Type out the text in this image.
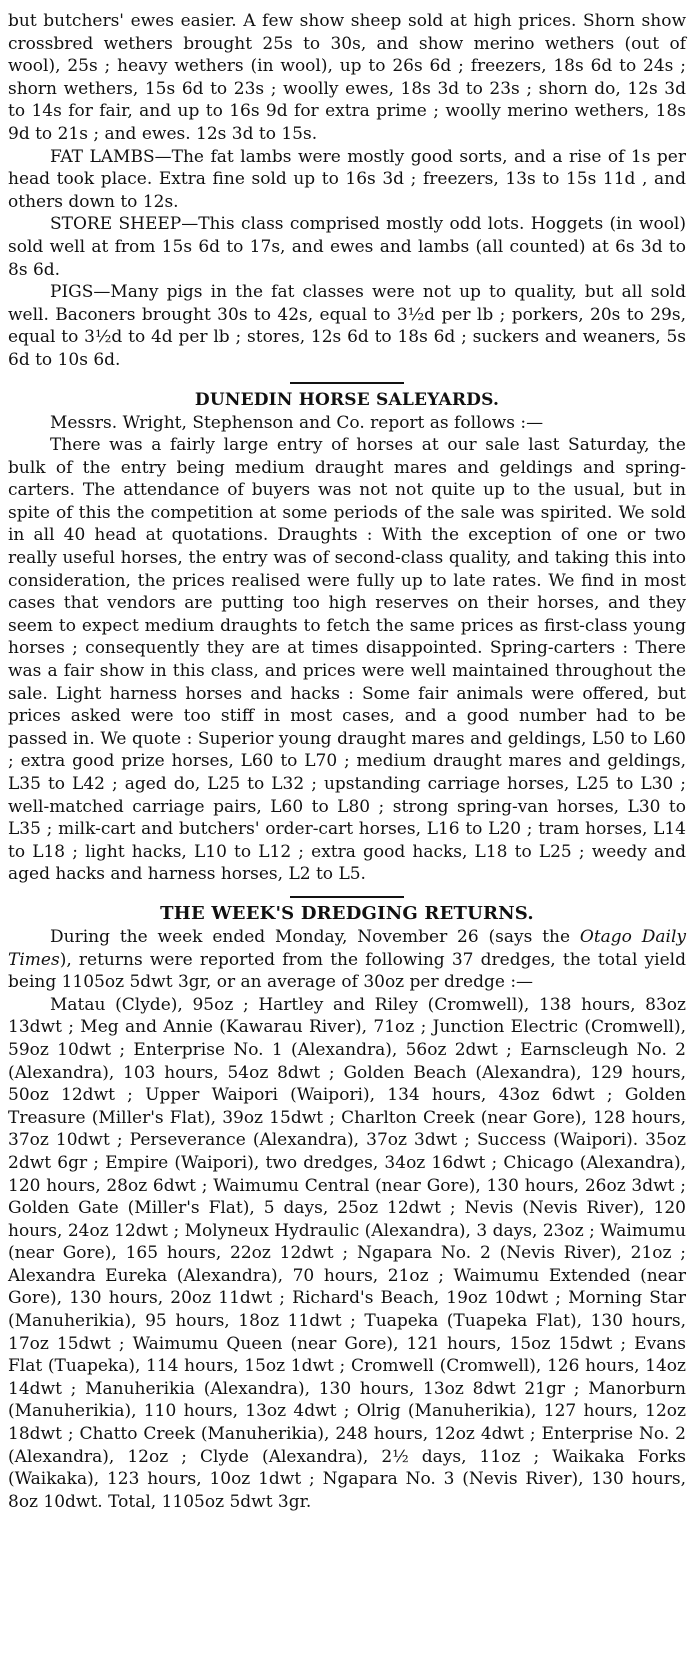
but butchers' ewes easier. A few show sheep sold at high prices. Shorn show crossbred wethers brought 25s to 30s, and show merino wethers (out of wool), 25s ; heavy wethers (in wool), up to 26s 6d ; freezers, 18s 6d to 24s ; shorn wethers, 15s 6d to 23s ; woolly ewes, 18s 3d to 23s ; shorn do, 12s 3d to 14s for fair, and up to 16s 9d for extra prime ; woolly merino wethers, 18s 9d to 21s ; and ewes. 12s 3d to 15s.

FAT LAMBS—The fat lambs were mostly good sorts, and a rise of 1s per head took place. Extra fine sold up to 16s 3d ; freezers, 13s to 15s 11d , and others down to 12s.

STORE SHEEP—This class comprised mostly odd lots. Hoggets (in wool) sold well at from 15s 6d to 17s, and ewes and lambs (all counted) at 6s 3d to 8s 6d.

PIGS—Many pigs in the fat classes were not up to quality, but all sold well. Baconers brought 30s to 42s, equal to 3½d per lb ; porkers, 20s to 29s, equal to 3½d to 4d per lb ; stores, 12s 6d to 18s 6d ; suckers and weaners, 5s 6d to 10s 6d.

DUNEDIN HORSE SALEYARDS.

Messrs. Wright, Stephenson and Co. report as follows :—

There was a fairly large entry of horses at our sale last Saturday, the bulk of the entry being medium draught mares and geldings and spring-carters. The attendance of buyers was not not quite up to the usual, but in spite of this the competition at some periods of the sale was spirited. We sold in all 40 head at quotations. Draughts : With the exception of one or two really useful horses, the entry was of second-class quality, and taking this into consideration, the prices realised were fully up to late rates. We find in most cases that vendors are putting too high reserves on their horses, and they seem to expect medium draughts to fetch the same prices as first-class young horses ; consequently they are at times disappointed. Spring-carters : There was a fair show in this class, and prices were well maintained throughout the sale. Light harness horses and hacks : Some fair animals were offered, but prices asked were too stiff in most cases, and a good number had to be passed in. We quote : Superior young draught mares and geldings, L50 to L60 ; extra good prize horses, L60 to L70 ; medium draught mares and geldings, L35 to L42 ; aged do, L25 to L32 ; upstanding carriage horses, L25 to L30 ; well-matched carriage pairs, L60 to L80 ; strong spring-van horses, L30 to L35 ; milk-cart and butchers' order-cart horses, L16 to L20 ; tram horses, L14 to L18 ; light hacks, L10 to L12 ; extra good hacks, L18 to L25 ; weedy and aged hacks and harness horses, L2 to L5.

THE WEEK'S DREDGING RETURNS.

During the week ended Monday, November 26 (says the Otago Daily Times), returns were reported from the following 37 dredges, the total yield being 1105oz 5dwt 3gr, or an average of 30oz per dredge :—

Matau (Clyde), 95oz ; Hartley and Riley (Cromwell), 138 hours, 83oz 13dwt ; Meg and Annie (Kawarau River), 71oz ; Junction Electric (Cromwell), 59oz 10dwt ; Enterprise No. 1 (Alexandra), 56oz 2dwt ; Earnscleugh No. 2 (Alexandra), 103 hours, 54oz 8dwt ; Golden Beach (Alexandra), 129 hours, 50oz 12dwt ; Upper Waipori (Waipori), 134 hours, 43oz 6dwt ; Golden Treasure (Miller's Flat), 39oz 15dwt ; Charlton Creek (near Gore), 128 hours, 37oz 10dwt ; Perseverance (Alexandra), 37oz 3dwt ; Success (Waipori). 35oz 2dwt 6gr ; Empire (Waipori), two dredges, 34oz 16dwt ; Chicago (Alexandra), 120 hours, 28oz 6dwt ; Waimumu Central (near Gore), 130 hours, 26oz 3dwt ; Golden Gate (Miller's Flat), 5 days, 25oz 12dwt ; Nevis (Nevis River), 120 hours, 24oz 12dwt ; Molyneux Hydraulic (Alexandra), 3 days, 23oz ; Waimumu (near Gore), 165 hours, 22oz 12dwt ; Ngapara No. 2 (Nevis River), 21oz ; Alexandra Eureka (Alexandra), 70 hours, 21oz ; Waimumu Extended (near Gore), 130 hours, 20oz 11dwt ; Richard's Beach, 19oz 10dwt ; Morning Star (Manuherikia), 95 hours, 18oz 11dwt ; Tuapeka (Tuapeka Flat), 130 hours, 17oz 15dwt ; Waimumu Queen (near Gore), 121 hours, 15oz 15dwt ; Evans Flat (Tuapeka), 114 hours, 15oz 1dwt ; Cromwell (Cromwell), 126 hours, 14oz 14dwt ; Manuherikia (Alexandra), 130 hours, 13oz 8dwt 21gr ; Manorburn (Manuherikia), 110 hours, 13oz 4dwt ; Olrig (Manuherikia), 127 hours, 12oz 18dwt ; Chatto Creek (Manuherikia), 248 hours, 12oz 4dwt ; Enterprise No. 2 (Alexandra), 12oz ; Clyde (Alexandra), 2½ days, 11oz ; Waikaka Forks (Waikaka), 123 hours, 10oz 1dwt ; Ngapara No. 3 (Nevis River), 130 hours, 8oz 10dwt. Total, 1105oz 5dwt 3gr.
